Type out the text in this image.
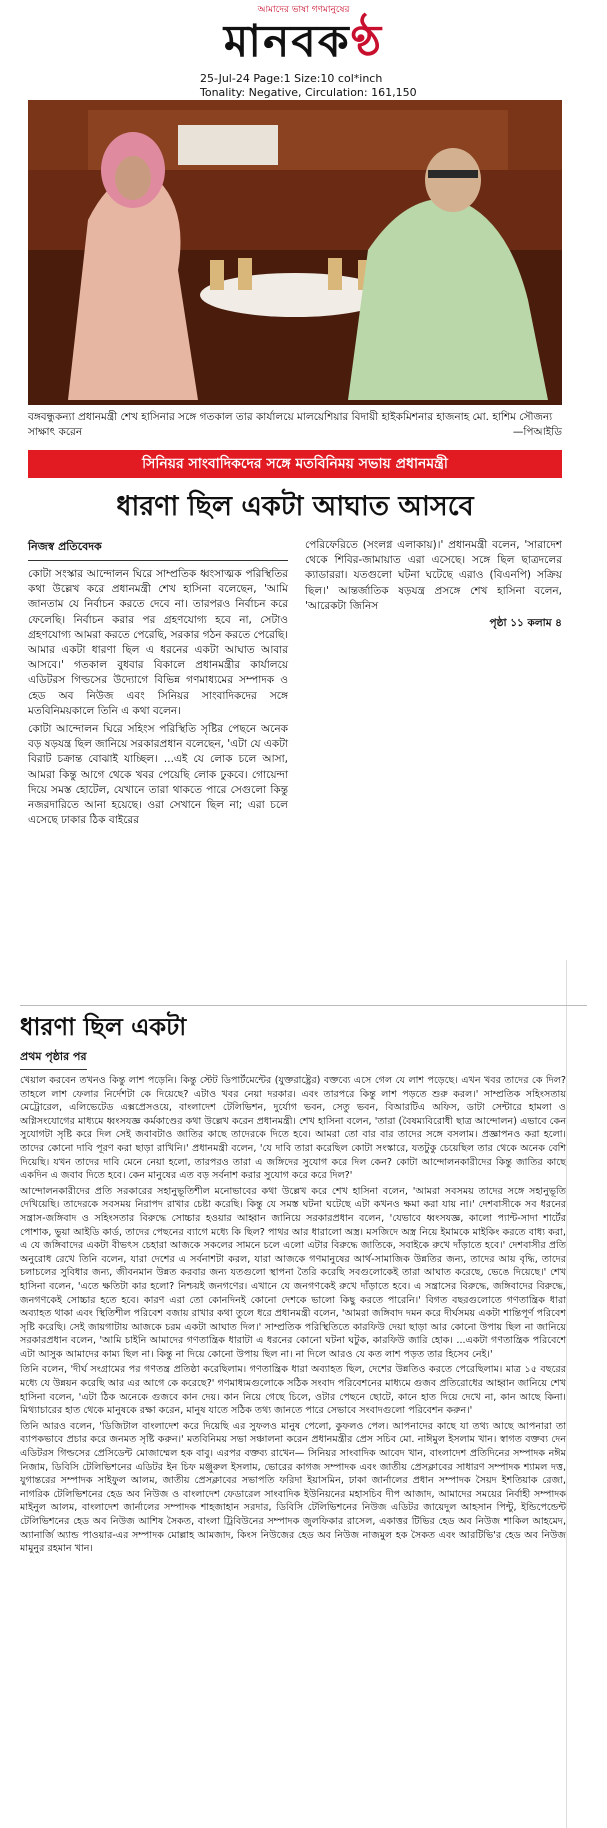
আমাদের ভাষা গণমানুষের
মানবকণ্ঠ
25-Jul-24 Page:1 Size:10 col*inch
Tonality: Negative, Circulation: 161,150
বঙ্গবন্ধুকন্যা প্রধানমন্ত্রী শেখ হাসিনার সঙ্গে গতকাল তার কার্যালয়ে মালয়েশিয়ার বিদায়ী হাইকমিশনার হাজনাহ মো. হাশিম সৌজন্য সাক্ষাৎ করেন	—পিআইডি
সিনিয়র সাংবাদিকদের সঙ্গে মতবিনিময় সভায় প্রধানমন্ত্রী
ধারণা ছিল একটা আঘাত আসবে
নিজস্ব প্রতিবেদক

কোটা সংস্কার আন্দোলন ঘিরে সাম্প্রতিক ধ্বংসাত্মক পরিস্থিতির কথা উল্লেখ করে প্রধানমন্ত্রী শেখ হাসিনা বলেছেন, 'আমি জানতাম যে নির্বাচন করতে দেবে না। তারপরও নির্বাচন করে ফেলেছি। নির্বাচন করার পর গ্রহণযোগ্য হবে না, সেটাও গ্রহণযোগ্য আমরা করতে পেরেছি, সরকার গঠন করতে পেরেছি। আমার একটা ধারণা ছিল এ ধরনের একটা আঘাত আবার আসবে।' গতকাল বুধবার বিকালে প্রধানমন্ত্রীর কার্যালয়ে এডিটরস গিল্ডসের উদ্যোগে বিভিন্ন গণমাধ্যমের সম্পাদক ও হেড অব নিউজ এবং সিনিয়র সাংবাদিকদের সঙ্গে মতবিনিময়কালে তিনি এ কথা বলেন।

কোটা আন্দোলন ঘিরে সহিংস পরিস্থিতি সৃষ্টির পেছনে অনেক বড় ষড়যন্ত্র ছিল জানিয়ে সরকারপ্রধান বলেছেন, 'এটা যে একটা বিরাট চক্রান্ত বোঝাই যাচ্ছিল। ...এই যে লোক চলে আসা, আমরা কিন্তু আগে থেকে খবর পেয়েছি লোক ঢুকবে। গোয়েন্দা দিয়ে সমস্ত হোটেল, যেখানে তারা থাকতে পারে সেগুলো কিন্তু নজরদারিতে আনা হয়েছে। ওরা সেখানে ছিল না; এরা চলে এসেছে ঢাকার ঠিক বাইরের

পেরিফেরিতে (সংলগ্ন এলাকায়)।' প্রধানমন্ত্রী বলেন, 'সারাদেশ থেকে শিবির-জামায়াত এরা এসেছে। সঙ্গে ছিল ছাত্রদলের ক্যাডাররা। যতগুলো ঘটনা ঘটেছে এরাও (বিএনপি) সক্রিয় ছিল।' আন্তর্জাতিক ষড়যন্ত্র প্রসঙ্গে শেখ হাসিনা বলেন, 'আরেকটা জিনিস
পৃষ্ঠা ১১ কলাম ৪
ধারণা ছিল একটা
প্রথম পৃষ্ঠার পর

খেয়াল করবেন তখনও কিন্তু লাশ পড়েনি। কিন্তু স্টেট ডিপার্টমেন্টের (যুক্তরাষ্ট্রের) বক্তব্যে এসে গেল যে লাশ পড়েছে। এখন খবর তাদের কে দিল? তাহলে লাশ ফেলার নির্দেশটা কে দিয়েছে? এটাও খবর নেয়া দরকার। এবং তারপরে কিন্তু লাশ পড়তে শুরু করল।' সাম্প্রতিক সহিংসতায় মেট্রোরেল, এলিভেটেড এক্সপ্রেসওয়ে, বাংলাদেশ টেলিভিশন, দুর্যোগ ভবন, সেতু ভবন, বিআরটিএ অফিস, ডাটা সেন্টারে হামলা ও অগ্নিসংযোগের মাধ্যমে ধ্বংসযজ্ঞ কর্মকাণ্ডের কথা উল্লেখ করেন প্রধানমন্ত্রী। শেখ হাসিনা বলেন, 'তারা (বৈষম্যবিরোধী ছাত্র আন্দোলন) এভাবে কেন সুযোগটা সৃষ্টি করে দিল সেই জবাবটাও জাতির কাছে তাদেরকে দিতে হবে। আমরা তো বার বার তাদের সঙ্গে বসলাম। প্রজ্ঞাপনও করা হলো। তাদের কোনো দাবি পূরণ করা ছাড়া রাখিনি।' প্রধানমন্ত্রী বলেন, 'যে দাবি তারা করেছিল কোটা সংস্কারে, যতটুকু চেয়েছিল তার থেকে অনেক বেশি দিয়েছি। যখন তাদের দাবি মেনে নেয়া হলো, তারপরও তারা এ জঙ্গিদের সুযোগ করে দিল কেন? কোটা আন্দোলনকারীদের কিন্তু জাতির কাছে একদিন এ জবাব দিতে হবে। কেন মানুষের এত বড় সর্বনাশ করার সুযোগ করে করে দিল?'

আন্দোলনকারীদের প্রতি সরকারের সহানুভূতিশীল মনোভাবের কথা উল্লেখ করে শেখ হাসিনা বলেন, 'আমরা সবসময় তাদের সঙ্গে সহানুভূতি দেখিয়েছি। তাদেরকে সবসময় নিরাপদ রাখার চেষ্টা করেছি। কিন্তু যে সমস্ত ঘটনা ঘটেছে এটা কখনও ক্ষমা করা যায় না।' দেশবাসীকে সব ধরনের সন্ত্রাস-জঙ্গিবাদ ও সহিংসতার বিরুদ্ধে সোচ্চার হওয়ার আহ্বান জানিয়ে সরকারপ্রধান বলেন, 'যেভাবে ধ্বংসযজ্ঞ, কালো প্যান্ট-সাদা শার্টের পোশাক, ভুয়া আইডি কার্ড, তাদের পেছনের ব্যাগে মধ্যে কি ছিল? পাথর আর ধারালো অস্ত্র। মসজিদে অস্ত্র নিয়ে ইমামকে মাইকিং করতে বাধ্য করা, এ যে জঙ্গিবাদের একটা বীভৎস চেহারা আজকে সকলের সামনে চলে এলো এটার বিরুদ্ধে জাতিকে, সবাইকে রুখে দাঁড়াতে হবে।' দেশবাসীর প্রতি অনুরোধ রেখে তিনি বলেন, যারা দেশের এ সর্বনাশটা করল, যারা আজকে গণমানুষের আর্থ-সামাজিক উন্নতির জন্য, তাদের আয় বৃদ্ধি, তাদের চলাচলের সুবিধার জন্য, জীবনমান উন্নত করবার জন্য যতগুলো স্থাপনা তৈরি করেছি সবগুলোকেই তারা আঘাত করেছে, ভেঙে দিয়েছে।' শেখ হাসিনা বলেন, 'এতে ক্ষতিটা কার হলো? নিশ্চয়ই জনগণের। এখানে যে জনগণকেই রুখে দাঁড়াতে হবে। এ সন্ত্রাসের বিরুদ্ধে, জঙ্গিবাদের বিরুদ্ধে, জনগণকেই সোচ্চার হতে হবে। কারণ এরা তো কোনদিনই কোনো দেশকে ভালো কিছু করতে পারেনি।' বিগত বছরগুলোতে গণতান্ত্রিক ধারা অব্যাহত থাকা এবং স্থিতিশীল পরিবেশ বজায় রাখার কথা তুলে ধরে প্রধানমন্ত্রী বলেন, 'আমরা জঙ্গিবাদ দমন করে দীর্ঘসময় একটা শান্তিপূর্ণ পরিবেশ সৃষ্টি করেছি। সেই জায়গাটায় আজকে চরম একটা আঘাত দিল।' সাম্প্রতিক পরিস্থিতিতে কারফিউ দেয়া ছাড়া আর কোনো উপায় ছিল না জানিয়ে সরকারপ্রধান বলেন, 'আমি চাইনি আমাদের গণতান্ত্রিক ধারাটা এ ধরনের কোনো ঘটনা ঘটুক, কারফিউ জারি হোক। ...একটা গণতান্ত্রিক পরিবেশে এটা আসুক আমাদের কাম্য ছিল না। কিন্তু না দিয়ে কোনো উপায় ছিল না। না দিলে আরও যে কত লাশ পড়ত তার হিসেব নেই।'

তিনি বলেন, 'দীর্ঘ সংগ্রামের পর গণতন্ত্র প্রতিষ্ঠা করেছিলাম। গণতান্ত্রিক ধারা অব্যাহত ছিল, দেশের উন্নতিও করতে পেরেছিলাম। মাত্র ১৫ বছরের মধ্যে যে উন্নয়ন করেছি আর এর আগে কে করেছে?' গণমাধ্যমগুলোকে সঠিক সংবাদ পরিবেশনের মাধ্যমে গুজব প্রতিরোধের আহ্বান জানিয়ে শেখ হাসিনা বলেন, 'এটা ঠিক অনেকে গুজবে কান দেয়। কান নিয়ে গেছে চিলে, ওটার পেছনে ছোটে, কানে হাত দিয়ে দেখে না, কান আছে কিনা। মিথ্যাচারের হাত থেকে মানুষকে রক্ষা করেন, মানুষ যাতে সঠিক তথ্য জানতে পারে সেভাবে সংবাদগুলো পরিবেশন করুন।'

তিনি আরও বলেন, 'ডিজিটাল বাংলাদেশ করে দিয়েছি এর সুফলও মানুষ পেলো, কুফলও পেল। আপনাদের কাছে যা তথ্য আছে আপনারা তা ব্যাপকভাবে প্রচার করে জনমত সৃষ্টি করুন।' মতবিনিময় সভা সঞ্চালনা করেন প্রধানমন্ত্রীর প্রেস সচিব মো. নাঈমুল ইসলাম খান। স্বাগত বক্তব্য দেন এডিটরস গিল্ডসের প্রেসিডেন্ট মোজাম্মেল হক বাবু। এরপর বক্তব্য রাখেন— সিনিয়র সাংবাদিক আবেদ খান, বাংলাদেশ প্রতিদিনের সম্পাদক নঈম নিজাম, ডিবিসি টেলিভিশনের এডিটর ইন চিফ মঞ্জুরুল ইসলাম, ভোরের কাগজ সম্পাদক এবং জাতীয় প্রেসক্লাবের সাধারণ সম্পাদক শ্যামল দত্ত, যুগান্তরের সম্পাদক সাইফুল আলম, জাতীয় প্রেসক্লাবের সভাপতি ফরিদা ইয়াসমিন, ঢাকা জার্নালের প্রধান সম্পাদক সৈয়দ ইশতিয়াক রেজা, নাগরিক টেলিভিশনের হেড অব নিউজ ও বাংলাদেশ ফেডারেল সাংবাদিক ইউনিয়নের মহাসচিব দীপ আজাদ, আমাদের সময়ের নির্বাহী সম্পাদক মাইনুল আলম, বাংলাদেশ জার্নালের সম্পাদক শাহজাহান সরদার, ডিবিসি টেলিভিশনের নিউজ এডিটর জায়েদুল আহসান পিন্টু, ইন্ডিপেন্ডেন্ট টেলিভিশনের হেড অব নিউজ আশিষ সৈকত, বাংলা ট্রিবিউনের সম্পাদক জুলফিকার রাসেল, একাত্তর টিভির হেড অব নিউজ শাকিল আহমেদ, অ্যানার্জি অ্যান্ড পাওয়ার-এর সম্পাদক মোল্লাহ আমজাদ, কিংস নিউজের হেড অব নিউজ নাজমুল হক সৈকত এবং আরটিভি'র হেড অব নিউজ মামুনুর রহমান খান।
